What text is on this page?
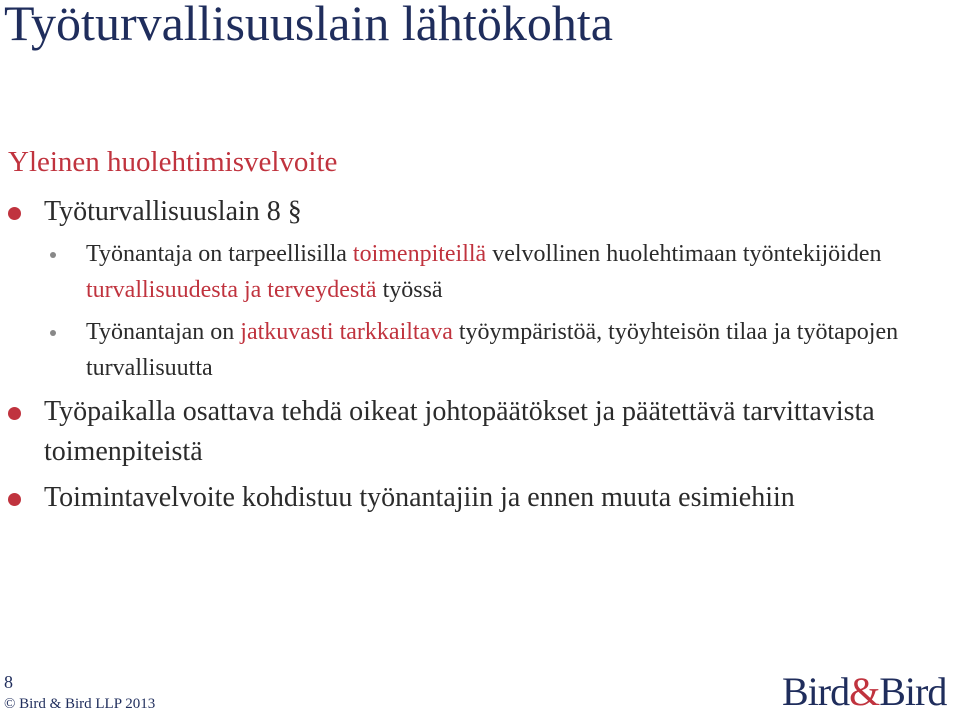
Työturvallisuuslain lähtökohta
Yleinen huolehtimisvelvoite
Työturvallisuuslain 8 §
Työnantaja on tarpeellisilla toimenpiteillä velvollinen huolehtimaan työntekijöiden turvallisuudesta ja terveydestä työssä
Työnantajan on jatkuvasti tarkkailtava työympäristöä, työyhteisön tilaa ja työtapojen turvallisuutta
Työpaikalla osattava tehdä oikeat johtopäätökset ja päätettävä tarvittavista toimenpiteistä
Toimintavelvoite kohdistuu työnantajiin ja ennen muuta esimiehiin
8
© Bird & Bird LLP 2013	Bird&Bird
